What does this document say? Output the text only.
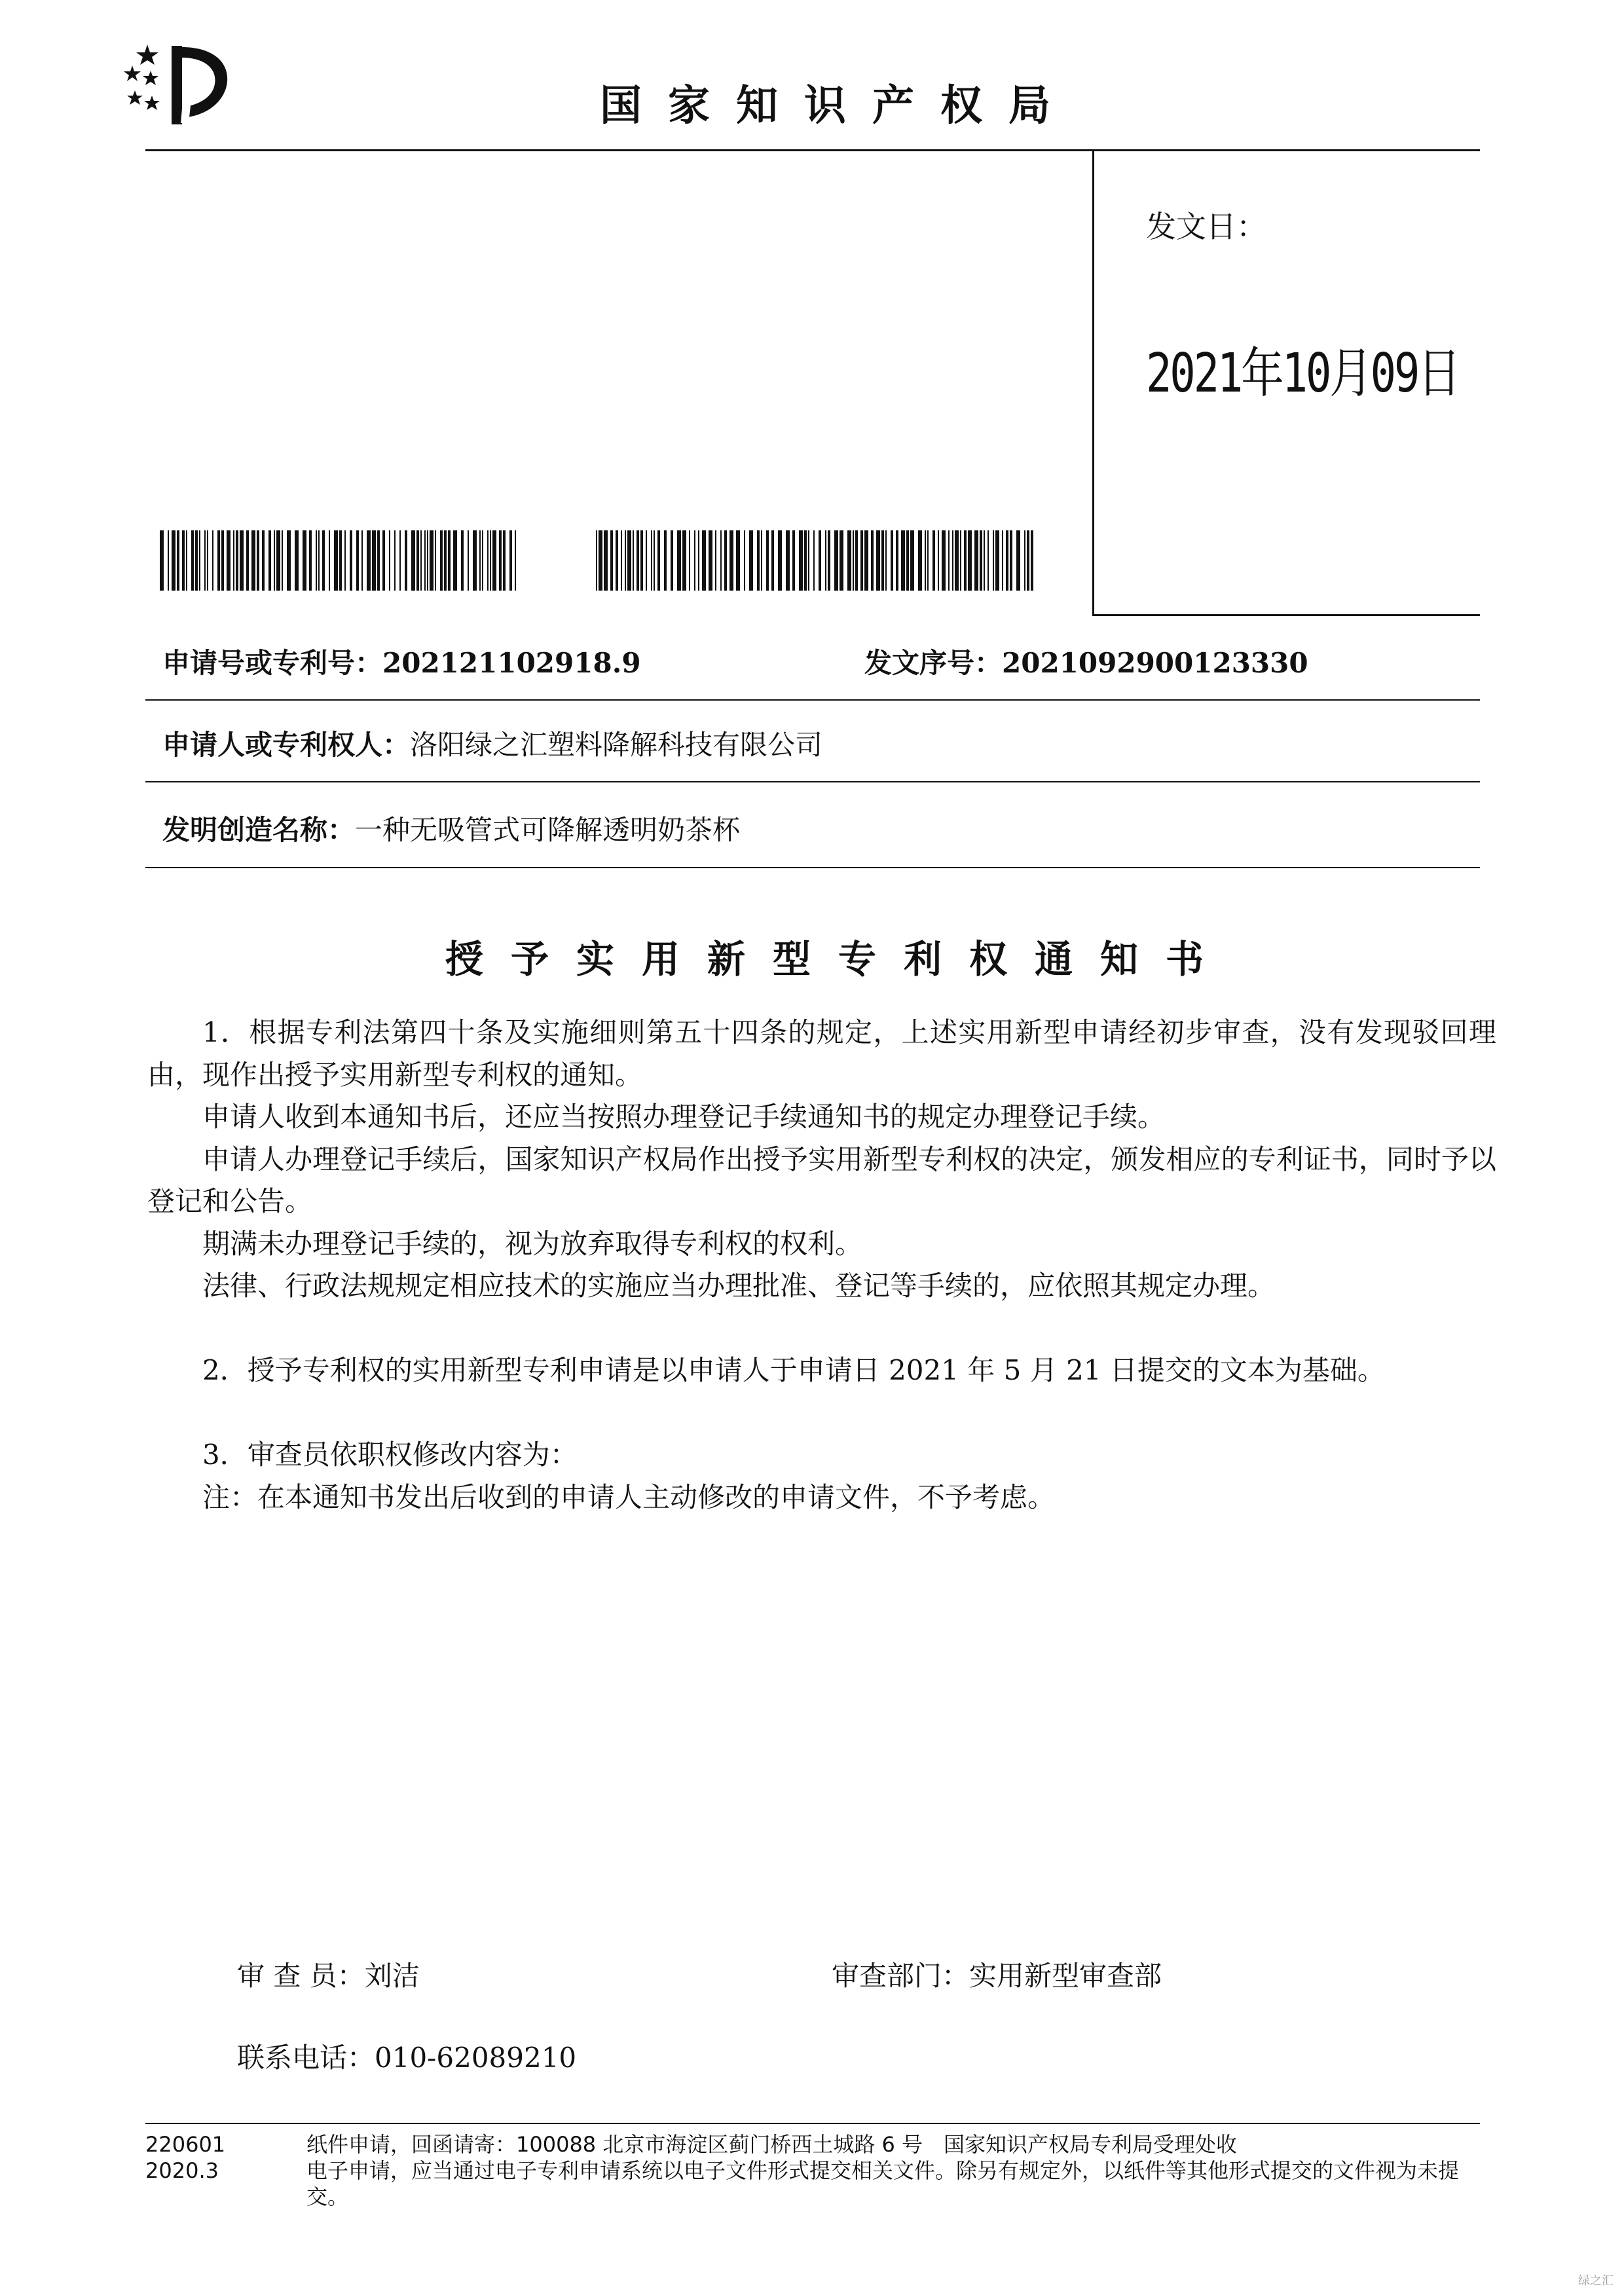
国家知识产权局
发文日：
2021年10月09日
申请号或专利号：202121102918.9	发文序号：2021092900123330
申请人或专利权人：洛阳绿之汇塑料降解科技有限公司
发明创造名称：一种无吸管式可降解透明奶茶杯
授予实用新型专利权通知书

1．根据专利法第四十条及实施细则第五十四条的规定，上述实用新型申请经初步审查，没有发现驳回理由，现作出授予实用新型专利权的通知。

申请人收到本通知书后，还应当按照办理登记手续通知书的规定办理登记手续。

申请人办理登记手续后，国家知识产权局作出授予实用新型专利权的决定，颁发相应的专利证书，同时予以登记和公告。

期满未办理登记手续的，视为放弃取得专利权的权利。

法律、行政法规规定相应技术的实施应当办理批准、登记等手续的，应依照其规定办理。

2．授予专利权的实用新型专利申请是以申请人于申请日 2021 年 5 月 21 日提交的文本为基础。

3．审查员依职权修改内容为：

注：在本通知书发出后收到的申请人主动修改的申请文件，不予考虑。

审 查 员：刘洁	审查部门：实用新型审查部
联系电话：010-62089210
220601
2020.3
纸件申请，回函请寄：100088 北京市海淀区蓟门桥西土城路 6 号　国家知识产权局专利局受理处收
电子申请，应当通过电子专利申请系统以电子文件形式提交相关文件。除另有规定外，以纸件等其他形式提交的文件视为未提交。
绿之汇
